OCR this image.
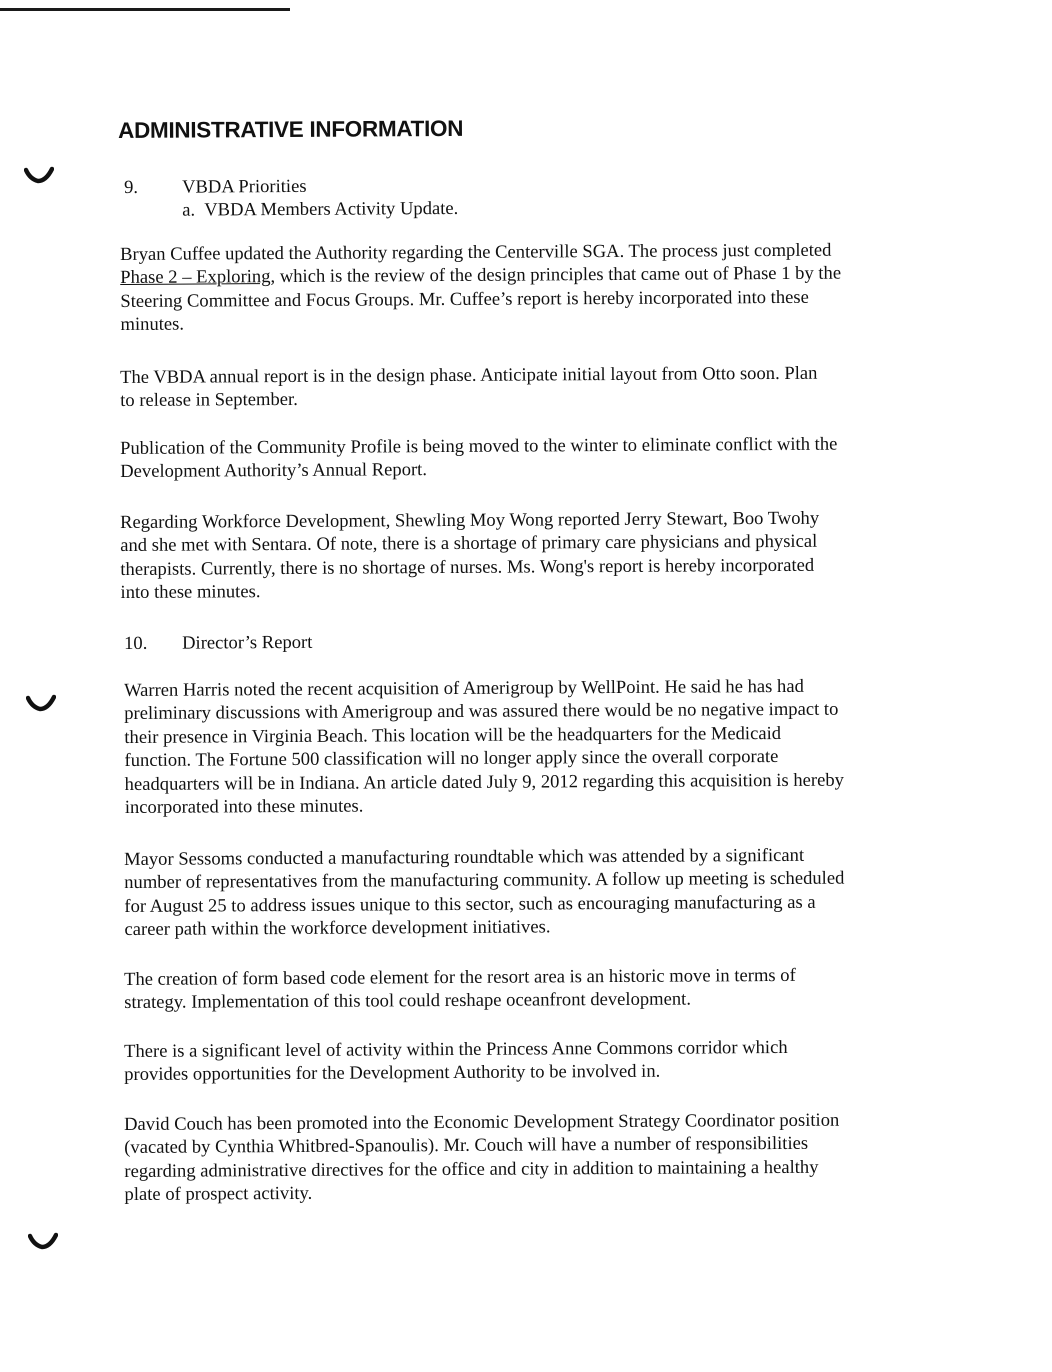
ADMINISTRATIVE INFORMATION
9. VBDA Priorities
a. VBDA Members Activity Update.
Bryan Cuffee updated the Authority regarding the Centerville SGA. The process just completed
Phase 2 – Exploring, which is the review of the design principles that came out of Phase 1 by the
Steering Committee and Focus Groups. Mr. Cuffee’s report is hereby incorporated into these
minutes.
The VBDA annual report is in the design phase. Anticipate initial layout from Otto soon. Plan
to release in September.
Publication of the Community Profile is being moved to the winter to eliminate conflict with the
Development Authority’s Annual Report.
Regarding Workforce Development, Shewling Moy Wong reported Jerry Stewart, Boo Twohy
and she met with Sentara. Of note, there is a shortage of primary care physicians and physical
therapists. Currently, there is no shortage of nurses. Ms. Wong's report is hereby incorporated
into these minutes.
10. Director’s Report
Warren Harris noted the recent acquisition of Amerigroup by WellPoint. He said he has had
preliminary discussions with Amerigroup and was assured there would be no negative impact to
their presence in Virginia Beach. This location will be the headquarters for the Medicaid
function. The Fortune 500 classification will no longer apply since the overall corporate
headquarters will be in Indiana. An article dated July 9, 2012 regarding this acquisition is hereby
incorporated into these minutes.
Mayor Sessoms conducted a manufacturing roundtable which was attended by a significant
number of representatives from the manufacturing community. A follow up meeting is scheduled
for August 25 to address issues unique to this sector, such as encouraging manufacturing as a
career path within the workforce development initiatives.
The creation of form based code element for the resort area is an historic move in terms of
strategy. Implementation of this tool could reshape oceanfront development.
There is a significant level of activity within the Princess Anne Commons corridor which
provides opportunities for the Development Authority to be involved in.
David Couch has been promoted into the Economic Development Strategy Coordinator position
(vacated by Cynthia Whitbred-Spanoulis). Mr. Couch will have a number of responsibilities
regarding administrative directives for the office and city in addition to maintaining a healthy
plate of prospect activity.
